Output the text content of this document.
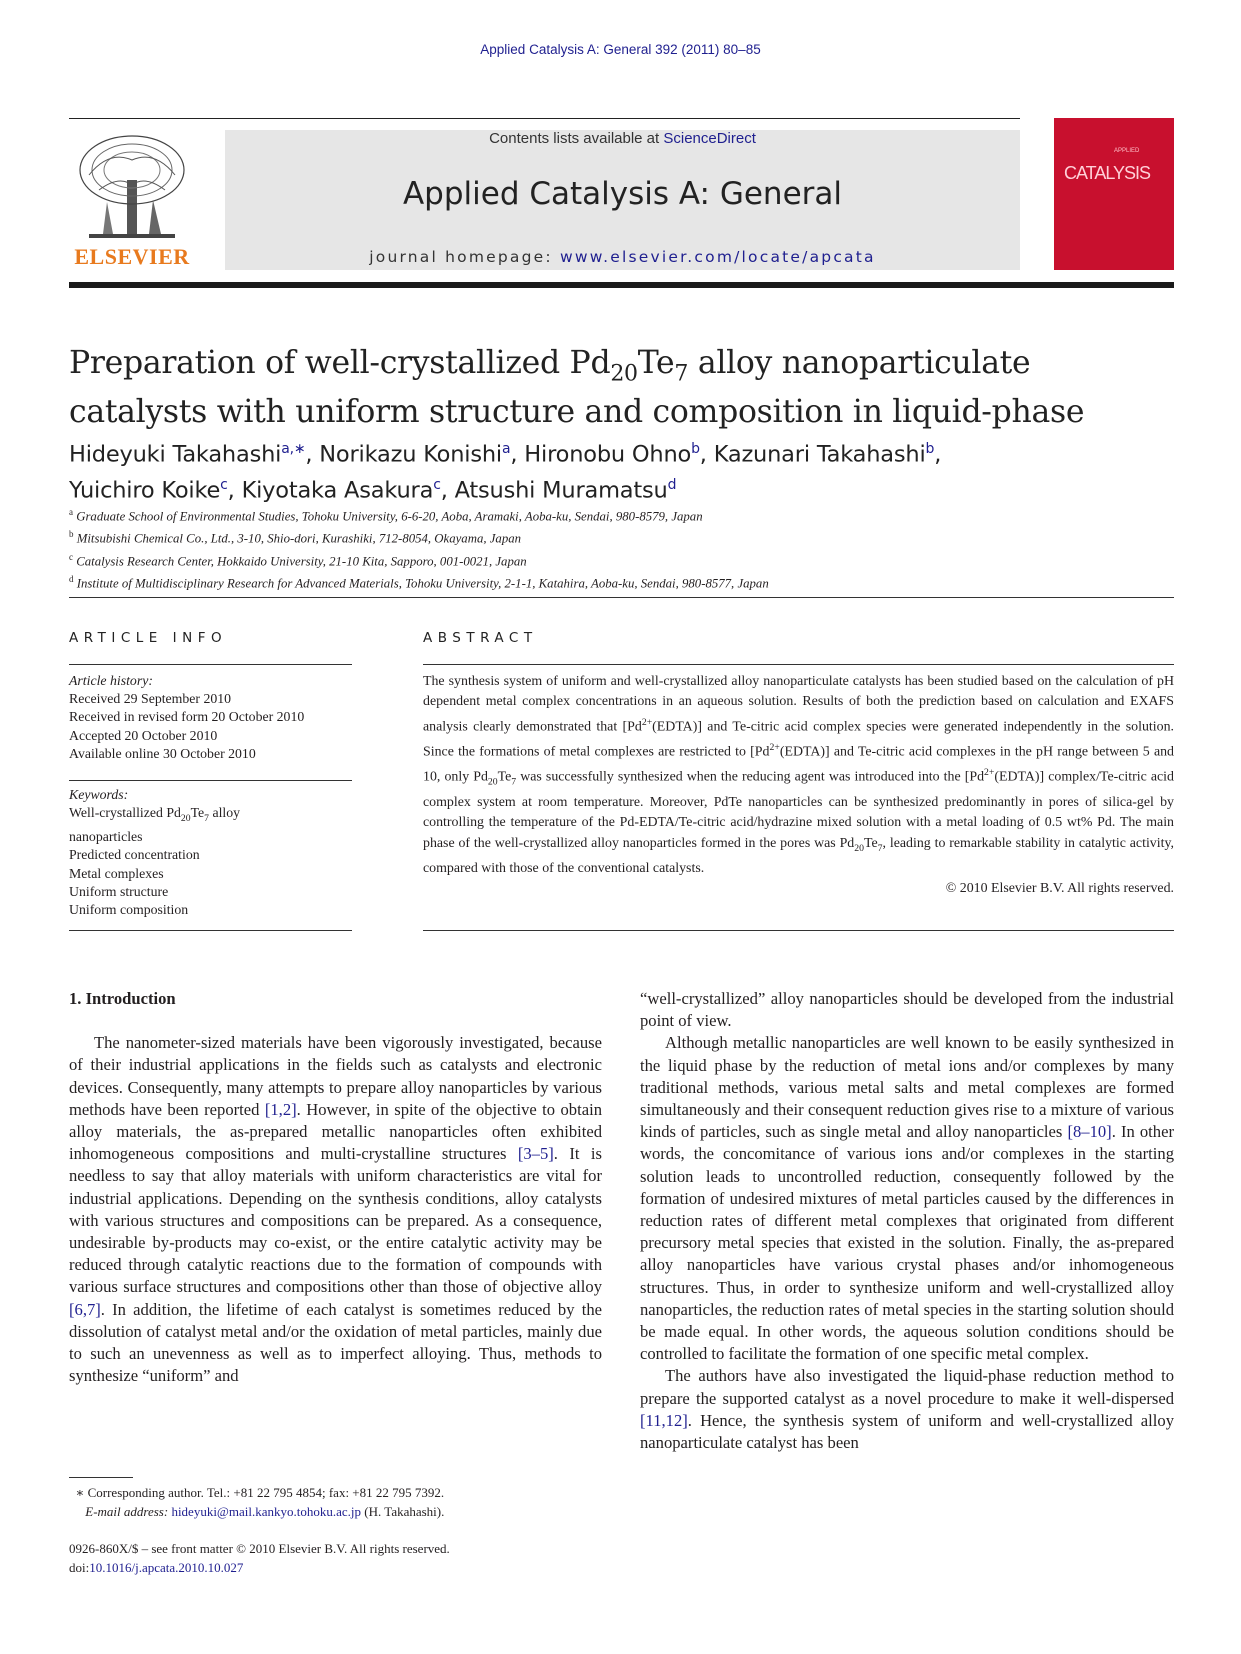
Applied Catalysis A: General 392 (2011) 80–85
ELSEVIER
Contents lists available at ScienceDirect
Applied Catalysis A: General
journal homepage: www.elsevier.com/locate/apcata
APPLIED
CATALYSIS
Preparation of well-crystallized $Pd_{20}Te_7$ alloy nanoparticulate catalysts with uniform structure and composition in liquid-phase
Hideyuki Takahashi$^{a,∗}$, Norikazu Konishi$^a$, Hironobu Ohno$^b$, Kazunari Takahashi$^b$,
Yuichiro Koike$^c$, Kiyotaka Asakura$^c$, Atsushi Muramatsu$^d$
$^a$ Graduate School of Environmental Studies, Tohoku University, 6-6-20, Aoba, Aramaki, Aoba-ku, Sendai, 980-8579, Japan
$^b$ Mitsubishi Chemical Co., Ltd., 3-10, Shio-dori, Kurashiki, 712-8054, Okayama, Japan
$^c$ Catalysis Research Center, Hokkaido University, 21-10 Kita, Sapporo, 001-0021, Japan
$^d$ Institute of Multidisciplinary Research for Advanced Materials, Tohoku University, 2-1-1, Katahira, Aoba-ku, Sendai, 980-8577, Japan
ARTICLE INFO	ABSTRACT
Article history:
Received 29 September 2010
Received in revised form 20 October 2010
Accepted 20 October 2010
Available online 30 October 2010
Keywords:
Well-crystallized $Pd_{20}Te_7$ alloy
nanoparticles
Predicted concentration
Metal complexes
Uniform structure
Uniform composition
The synthesis system of uniform and well-crystallized alloy nanoparticulate catalysts has been studied based on the calculation of pH dependent metal complex concentrations in an aqueous solution. Results of both the prediction based on calculation and EXAFS analysis clearly demonstrated that $[Pd^{2+}(EDTA)]$ and Te-citric acid complex species were generated independently in the solution. Since the formations of metal complexes are restricted to $[Pd^{2+}(EDTA)]$ and Te-citric acid complexes in the pH range between 5 and 10, only $Pd_{20}Te_7$ was successfully synthesized when the reducing agent was introduced into the $[Pd^{2+}(EDTA)]$ complex/Te-citric acid complex system at room temperature. Moreover, PdTe nanoparticles can be synthesized predominantly in pores of silica-gel by controlling the temperature of the Pd-EDTA/Te-citric acid/hydrazine mixed solution with a metal loading of 0.5 wt% Pd. The main phase of the well-crystallized alloy nanoparticles formed in the pores was $Pd_{20}Te_7$, leading to remarkable stability in catalytic activity, compared with those of the conventional catalysts.
© 2010 Elsevier B.V. All rights reserved.
1. Introduction

The nanometer-sized materials have been vigorously investigated, because of their industrial applications in the fields such as catalysts and electronic devices. Consequently, many attempts to prepare alloy nanoparticles by various methods have been reported [1,2]. However, in spite of the objective to obtain alloy materials, the as-prepared metallic nanoparticles often exhibited inhomogeneous compositions and multi-crystalline structures [3–5]. It is needless to say that alloy materials with uniform characteristics are vital for industrial applications. Depending on the synthesis conditions, alloy catalysts with various structures and compositions can be prepared. As a consequence, undesirable by-products may co-exist, or the entire catalytic activity may be reduced through catalytic reactions due to the formation of compounds with various surface structures and compositions other than those of objective alloy [6,7]. In addition, the lifetime of each catalyst is sometimes reduced by the dissolution of catalyst metal and/or the oxidation of metal particles, mainly due to such an unevenness as well as to imperfect alloying. Thus, methods to synthesize “uniform” and

“well-crystallized” alloy nanoparticles should be developed from the industrial point of view.

Although metallic nanoparticles are well known to be easily synthesized in the liquid phase by the reduction of metal ions and/or complexes by many traditional methods, various metal salts and metal complexes are formed simultaneously and their consequent reduction gives rise to a mixture of various kinds of particles, such as single metal and alloy nanoparticles [8–10]. In other words, the concomitance of various ions and/or complexes in the starting solution leads to uncontrolled reduction, consequently followed by the formation of undesired mixtures of metal particles caused by the differences in reduction rates of different metal complexes that originated from different precursory metal species that existed in the solution. Finally, the as-prepared alloy nanoparticles have various crystal phases and/or inhomogeneous structures. Thus, in order to synthesize uniform and well-crystallized alloy nanoparticles, the reduction rates of metal species in the starting solution should be made equal. In other words, the aqueous solution conditions should be controlled to facilitate the formation of one specific metal complex.

The authors have also investigated the liquid-phase reduction method to prepare the supported catalyst as a novel procedure to make it well-dispersed [11,12]. Hence, the synthesis system of uniform and well-crystallized alloy nanoparticulate catalyst has been

∗ Corresponding author. Tel.: +81 22 795 4854; fax: +81 22 795 7392.
E-mail address: hideyuki@mail.kankyo.tohoku.ac.jp (H. Takahashi).
0926-860X/$ – see front matter © 2010 Elsevier B.V. All rights reserved.
doi:10.1016/j.apcata.2010.10.027
